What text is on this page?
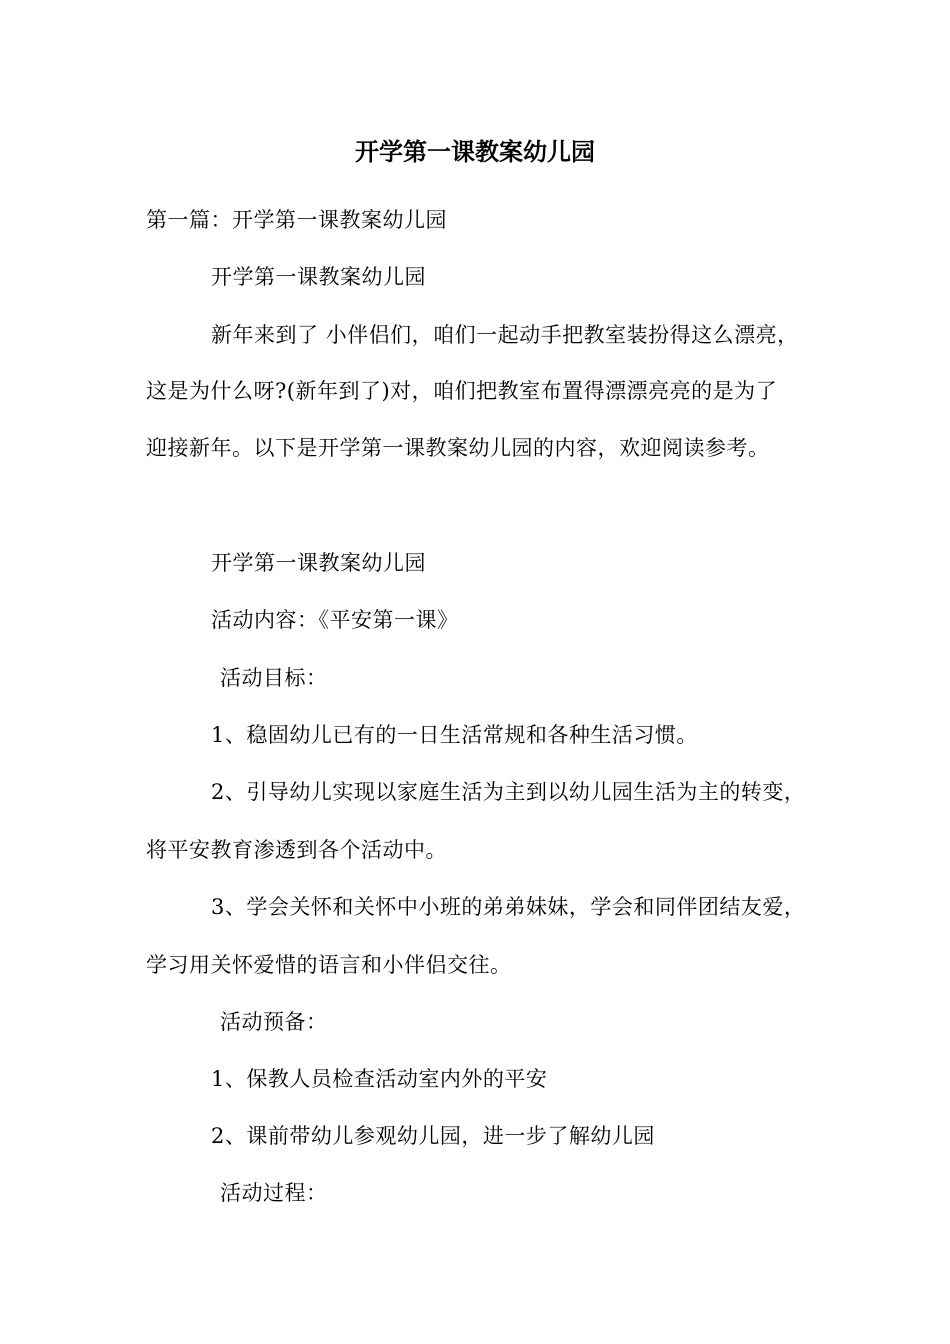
开学第一课教案幼儿园
第一篇：开学第一课教案幼儿园
开学第一课教案幼儿园
新年来到了 小伴侣们，咱们一起动手把教室装扮得这么漂亮，
这是为什么呀?(新年到了)对，咱们把教室布置得漂漂亮亮的是为了
迎接新年。以下是开学第一课教案幼儿园的内容，欢迎阅读参考。
开学第一课教案幼儿园
活动内容：《平安第一课》
活动目标：
1、稳固幼儿已有的一日生活常规和各种生活习惯。
2、引导幼儿实现以家庭生活为主到以幼儿园生活为主的转变，
将平安教育渗透到各个活动中。
3、学会关怀和关怀中小班的弟弟妹妹，学会和同伴团结友爱，
学习用关怀爱惜的语言和小伴侣交往。
活动预备：
1、保教人员检查活动室内外的平安
2、课前带幼儿参观幼儿园，进一步了解幼儿园
活动过程：
